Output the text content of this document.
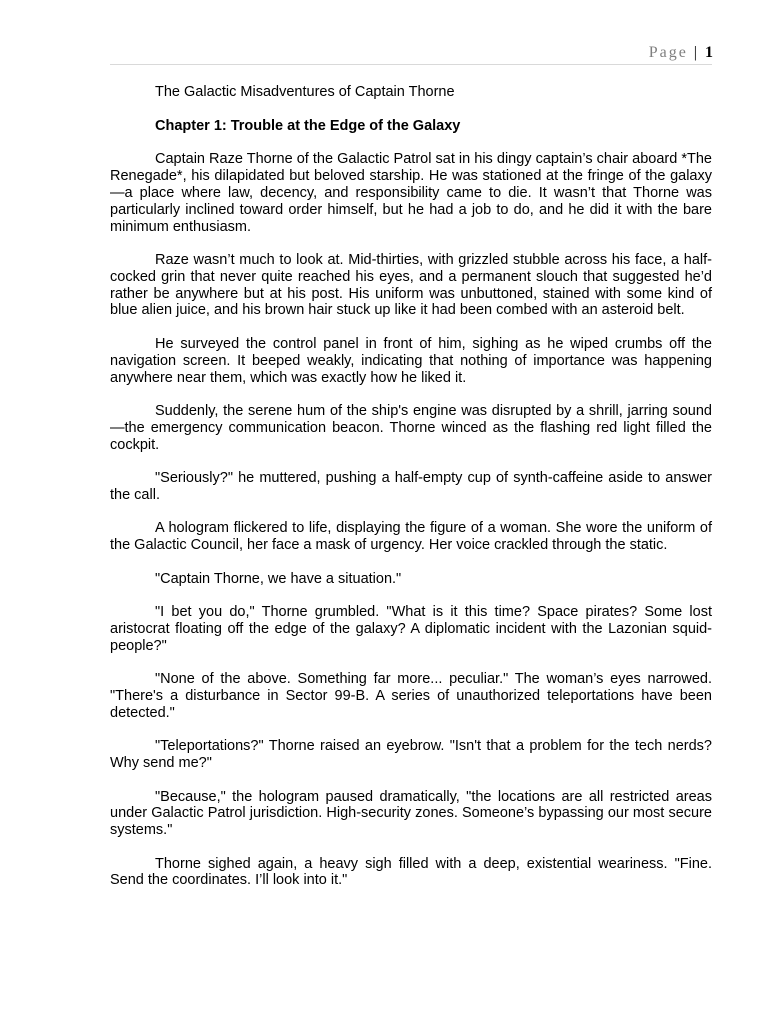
Page | 1

The Galactic Misadventures of Captain Thorne

Chapter 1: Trouble at the Edge of the Galaxy

Captain Raze Thorne of the Galactic Patrol sat in his dingy captain’s chair aboard *The Renegade*, his dilapidated but beloved starship. He was stationed at the fringe of the galaxy—a place where law, decency, and responsibility came to die. It wasn’t that Thorne was particularly inclined toward order himself, but he had a job to do, and he did it with the bare minimum enthusiasm.

Raze wasn’t much to look at. Mid-thirties, with grizzled stubble across his face, a half-cocked grin that never quite reached his eyes, and a permanent slouch that suggested he’d rather be anywhere but at his post. His uniform was unbuttoned, stained with some kind of blue alien juice, and his brown hair stuck up like it had been combed with an asteroid belt.

He surveyed the control panel in front of him, sighing as he wiped crumbs off the navigation screen. It beeped weakly, indicating that nothing of importance was happening anywhere near them, which was exactly how he liked it.

Suddenly, the serene hum of the ship's engine was disrupted by a shrill, jarring sound—the emergency communication beacon. Thorne winced as the flashing red light filled the cockpit.

"Seriously?" he muttered, pushing a half-empty cup of synth-caffeine aside to answer the call.

A hologram flickered to life, displaying the figure of a woman. She wore the uniform of the Galactic Council, her face a mask of urgency. Her voice crackled through the static.

"Captain Thorne, we have a situation."

"I bet you do," Thorne grumbled. "What is it this time? Space pirates? Some lost aristocrat floating off the edge of the galaxy? A diplomatic incident with the Lazonian squid-people?"

"None of the above. Something far more... peculiar." The woman’s eyes narrowed. "There's a disturbance in Sector 99-B. A series of unauthorized teleportations have been detected."

"Teleportations?" Thorne raised an eyebrow. "Isn't that a problem for the tech nerds? Why send me?"

"Because," the hologram paused dramatically, "the locations are all restricted areas under Galactic Patrol jurisdiction. High-security zones. Someone’s bypassing our most secure systems."

Thorne sighed again, a heavy sigh filled with a deep, existential weariness. "Fine. Send the coordinates. I’ll look into it."
